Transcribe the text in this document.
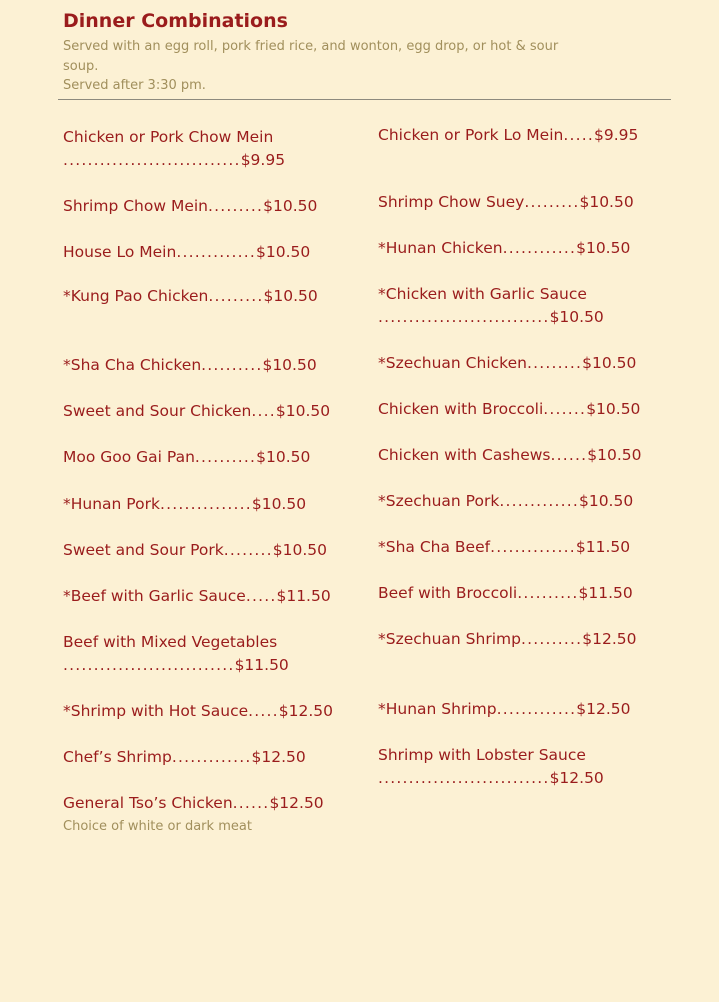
Dinner Combinations
Served with an egg roll, pork fried rice, and wonton, egg drop, or hot & sour soup.
Served after 3:30 pm.
Chicken or Pork Chow Mein
.............................$9.95
Shrimp Chow Mein.........$10.50
House Lo Mein.............$10.50
*Kung Pao Chicken.........$10.50
*Sha Cha Chicken..........$10.50
Sweet and Sour Chicken....$10.50
Moo Goo Gai Pan..........$10.50
*Hunan Pork...............$10.50
Sweet and Sour Pork........$10.50
*Beef with Garlic Sauce.....$11.50
Beef with Mixed Vegetables
............................$11.50
*Shrimp with Hot Sauce.....$12.50
Chef’s Shrimp.............$12.50
General Tso’s Chicken......$12.50
Choice of white or dark meat
Chicken or Pork Lo Mein.....$9.95
Shrimp Chow Suey.........$10.50
*Hunan Chicken............$10.50
*Chicken with Garlic Sauce
............................$10.50
*Szechuan Chicken.........$10.50
Chicken with Broccoli.......$10.50
Chicken with Cashews......$10.50
*Szechuan Pork.............$10.50
*Sha Cha Beef..............$11.50
Beef with Broccoli..........$11.50
*Szechuan Shrimp..........$12.50
*Hunan Shrimp.............$12.50
Shrimp with Lobster Sauce
............................$12.50
